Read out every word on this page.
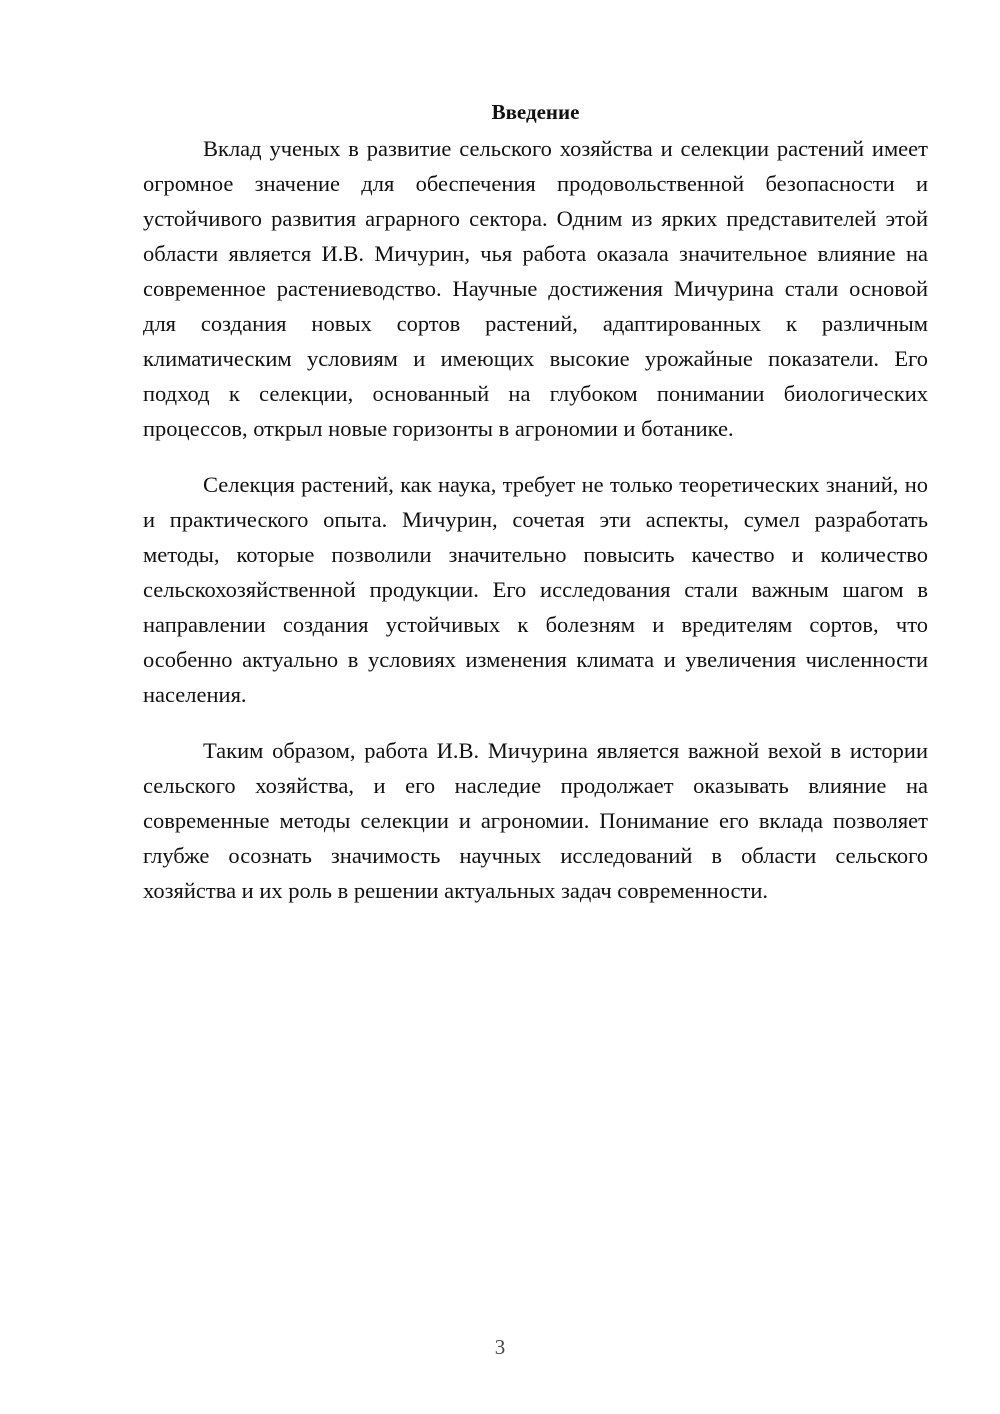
Введение

Вклад ученых в развитие сельского хозяйства и селекции растений имеет огромное значение для обеспечения продовольственной безопасности и устойчивого развития аграрного сектора. Одним из ярких представителей этой области является И.В. Мичурин, чья работа оказала значительное влияние на современное растениеводство. Научные достижения Мичурина стали основой для создания новых сортов растений, адаптированных к различным климатическим условиям и имеющих высокие урожайные показатели. Его подход к селекции, основанный на глубоком понимании биологических процессов, открыл новые горизонты в агрономии и ботанике.

Селекция растений, как наука, требует не только теоретических знаний, но и практического опыта. Мичурин, сочетая эти аспекты, сумел разработать методы, которые позволили значительно повысить качество и количество сельскохозяйственной продукции. Его исследования стали важным шагом в направлении создания устойчивых к болезням и вредителям сортов, что особенно актуально в условиях изменения климата и увеличения численности населения.

Таким образом, работа И.В. Мичурина является важной вехой в истории сельского хозяйства, и его наследие продолжает оказывать влияние на современные методы селекции и агрономии. Понимание его вклада позволяет глубже осознать значимость научных исследований в области сельского хозяйства и их роль в решении актуальных задач современности.

3
